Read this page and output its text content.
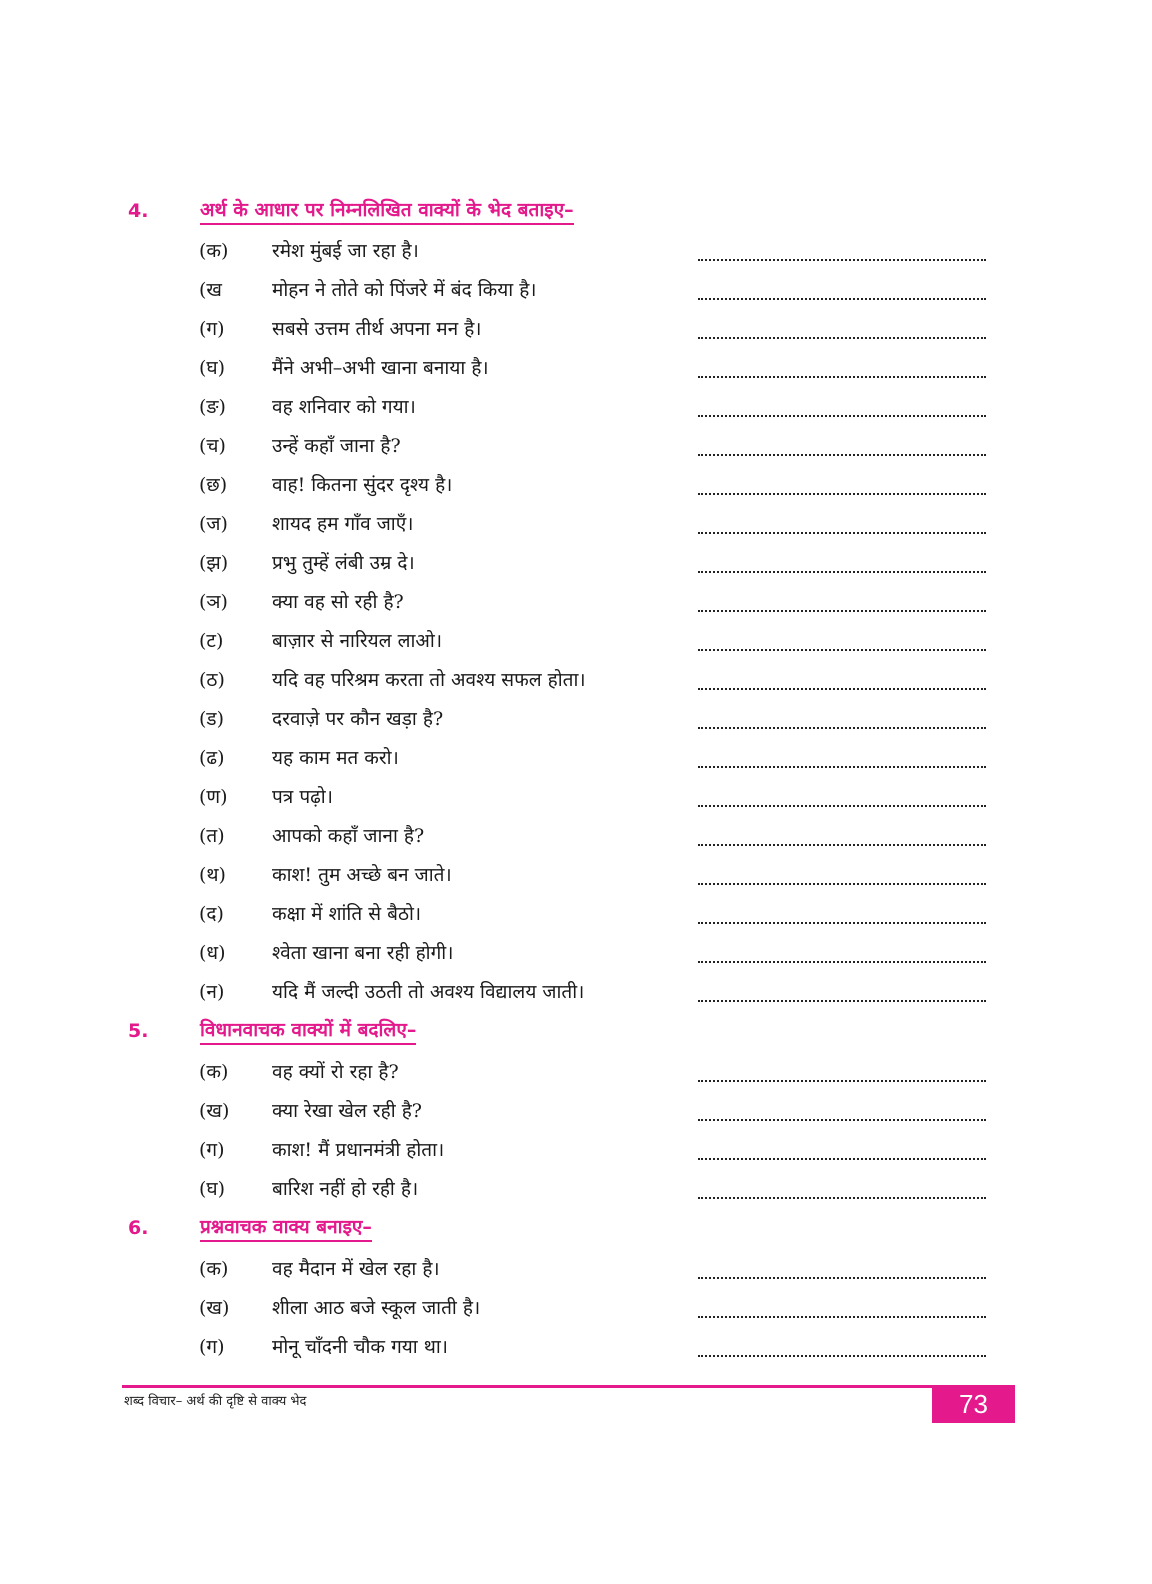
4.	अर्थ के आधार पर निम्नलिखित वाक्यों के भेद बताइए–
(क) रमेश मुंबई जा रहा है।
(ख	मोहन ने तोते को पिंजरे में बंद किया है।
(ग) सबसे उत्तम तीर्थ अपना मन है।
(घ) मैंने अभी–अभी खाना बनाया है।
(ङ) वह शनिवार को गया।
(च) उन्हें कहाँ जाना है?
(छ) वाह! कितना सुंदर दृश्य है।
(ज) शायद हम गाँव जाएँ।
(झ) प्रभु तुम्हें लंबी उम्र दे।
(ञ) क्या वह सो रही है?
(ट)	बाज़ार से नारियल लाओ।
(ठ) यदि वह परिश्रम करता तो अवश्य सफल होता।
(ड)	दरवाज़े पर कौन खड़ा है?
(ढ) यह काम मत करो।
(ण) पत्र पढ़ो।
(त) आपको कहाँ जाना है?
(थ) काश! तुम अच्छे बन जाते।
(द)	कक्षा में शांति से बैठो।
(ध) श्वेता खाना बना रही होगी।
(न)	यदि मैं जल्दी उठती तो अवश्य विद्यालय जाती।
5.	विधानवाचक वाक्यों में बदलिए–
(क) वह क्यों रो रहा है?
(ख) क्या रेखा खेल रही है?
(ग) काश! मैं प्रधानमंत्री होता।
(घ) बारिश नहीं हो रही है।
6.	प्रश्नवाचक वाक्य बनाइए–
(क) वह मैदान में खेल रहा है।
(ख) शीला आठ बजे स्कूल जाती है।
(ग) मोनू चाँदनी चौक गया था।
शब्द विचार– अर्थ की दृष्टि से वाक्य भेद	73
